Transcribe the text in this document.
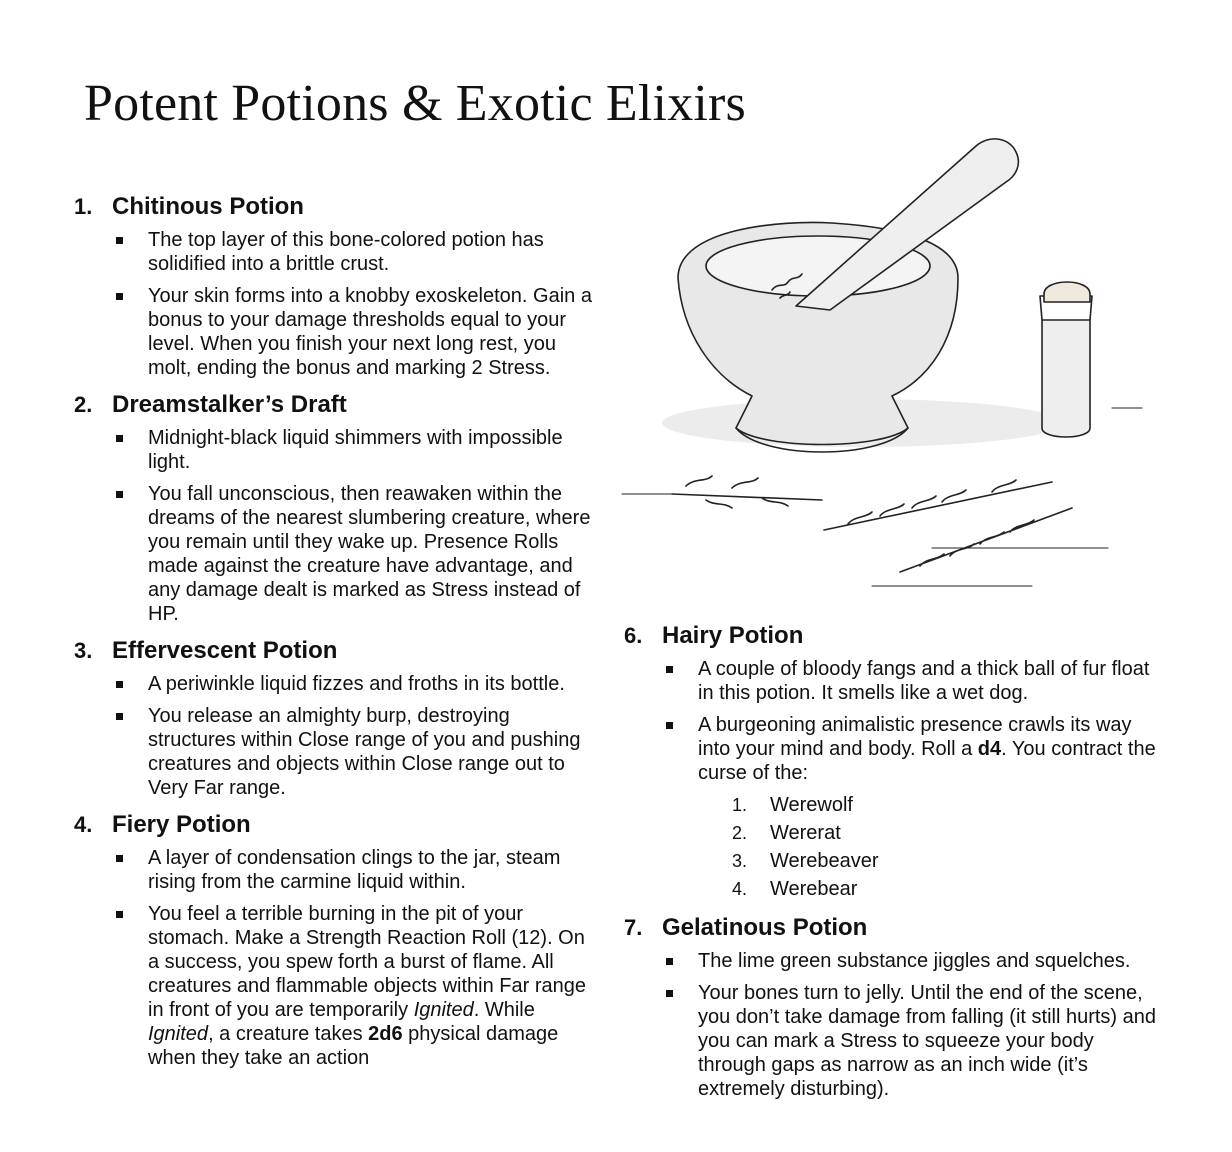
Potent Potions & Exotic Elixirs
1. Chitinous Potion
The top layer of this bone-colored potion has solidified into a brittle crust.
Your skin forms into a knobby exoskeleton. Gain a bonus to your damage thresholds equal to your level. When you finish your next long rest, you molt, ending the bonus and marking 2 Stress.
2. Dreamstalker’s Draft
Midnight-black liquid shimmers with impossible light.
You fall unconscious, then reawaken within the dreams of the nearest slumbering creature, where you remain until they wake up. Presence Rolls made against the creature have advantage, and any damage dealt is marked as Stress instead of HP.
3. Effervescent Potion
A periwinkle liquid fizzes and froths in its bottle.
You release an almighty burp, destroying structures within Close range of you and pushing creatures and objects within Close range out to Very Far range.
4. Fiery Potion
A layer of condensation clings to the jar, steam rising from the carmine liquid within.
You feel a terrible burning in the pit of your stomach. Make a Strength Reaction Roll (12). On a success, you spew forth a burst of flame. All creatures and flammable objects within Far range in front of you are temporarily Ignited. While Ignited, a creature takes 2d6 physical damage when they take an action
6. Hairy Potion
A couple of bloody fangs and a thick ball of fur float in this potion. It smells like a wet dog.
A burgeoning animalistic presence crawls its way into your mind and body. Roll a d4. You contract the curse of the:
1.	Werewolf
2.	Wererat
3.	Werebeaver
4.	Werebear
7. Gelatinous Potion
The lime green substance jiggles and squelches.
Your bones turn to jelly. Until the end of the scene, you don’t take damage from falling (it still hurts) and you can mark a Stress to squeeze your body through gaps as narrow as an inch wide (it’s extremely disturbing).
